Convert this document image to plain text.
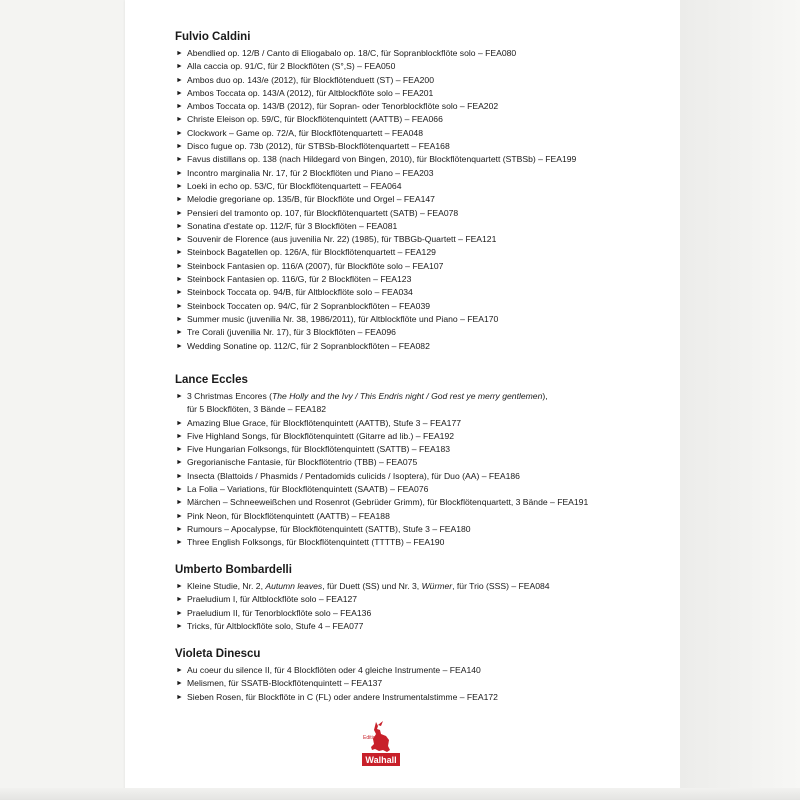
Fulvio Caldini
► Abendlied op. 12/B / Canto di Eliogabalo op. 18/C, für Sopranblockflöte solo – FEA080
► Alla caccia op. 91/C, für 2 Blockflöten (S°,S) – FEA050
► Ambos duo op. 143/e (2012), für Blockflötenduett (ST) – FEA200
► Ambos Toccata op. 143/A (2012), für Altblockflöte solo – FEA201
► Ambos Toccata op. 143/B (2012), für Sopran- oder Tenorblockflöte solo – FEA202
► Christe Eleison op. 59/C, für Blockflötenquintett (AATTB) – FEA066
► Clockwork – Game op. 72/A, für Blockflötenquartett – FEA048
► Disco fugue op. 73b (2012), für STBSb-Blockflötenquartett – FEA168
► Favus distillans op. 138 (nach Hildegard von Bingen, 2010), für Blockflötenquartett (STBSb) – FEA199
► Incontro marginalia Nr. 17, für 2 Blockflöten und Piano – FEA203
► Loeki in echo op. 53/C, für Blockflötenquartett – FEA064
► Melodie gregoriane op. 135/B, für Blockflöte und Orgel – FEA147
► Pensieri del tramonto op. 107, für Blockflötenquartett (SATB) – FEA078
► Sonatina d'estate op. 112/F, für 3 Blockflöten – FEA081
► Souvenir de Florence (aus juvenilia Nr. 22) (1985), für TBBGb-Quartett – FEA121
► Steinbock Bagatellen op. 126/A, für Blockflötenquartett – FEA129
► Steinbock Fantasien op. 116/A (2007), für Blockflöte solo – FEA107
► Steinbock Fantasien op. 116/G, für 2 Blockflöten – FEA123
► Steinbock Toccata op. 94/B, für Altblockflöte solo – FEA034
► Steinbock Toccaten op. 94/C, für 2 Sopranblockflöten – FEA039
► Summer music (juvenilia Nr. 38, 1986/2011), für Altblockflöte und Piano – FEA170
► Tre Corali (juvenilia Nr. 17), für 3 Blockflöten – FEA096
► Wedding Sonatine op. 112/C, für 2 Sopranblockflöten – FEA082
Lance Eccles
► 3 Christmas Encores (The Holly and the Ivy / This Endris night / God rest ye merry gentlemen),
für 5 Blockflöten, 3 Bände – FEA182
► Amazing Blue Grace, für Blockflötenquintett (AATTB), Stufe 3 – FEA177
► Five Highland Songs, für Blockflötenquintett (Gitarre ad lib.) – FEA192
► Five Hungarian Folksongs, für Blockflötenquintett (SATTB) – FEA183
► Gregorianische Fantasie, für Blockflötentrio (TBB) – FEA075
► Insecta (Blattoids / Phasmids / Pentadomids culicids / Isoptera), für Duo (AA) – FEA186
► La Folia – Variations, für Blockflötenquintett (SAATB) – FEA076
► Märchen – Schneeweißchen und Rosenrot (Gebrüder Grimm), für Blockflötenquartett, 3 Bände – FEA191
► Pink Neon, für Blockflötenquintett (AATTB) – FEA188
► Rumours – Apocalypse, für Blockflötenquintett (SATTB), Stufe 3 – FEA180
► Three English Folksongs, für Blockflötenquintett (TTTTB) – FEA190
Umberto Bombardelli
► Kleine Studie, Nr. 2, Autumn leaves, für Duett (SS) und Nr. 3, Würmer, für Trio (SSS) – FEA084
► Praeludium I, für Altblockflöte solo – FEA127
► Praeludium II, für Tenorblockflöte solo – FEA136
► Tricks, für Altblockflöte solo, Stufe 4 – FEA077
Violeta Dinescu
► Au coeur du silence II, für 4 Blockflöten oder 4 gleiche Instrumente – FEA140
► Melismen, für SSATB-Blockflötenquintett – FEA137
► Sieben Rosen, für Blockflöte in C (FL) oder andere Instrumentalstimme – FEA172
Edition
Walhall
